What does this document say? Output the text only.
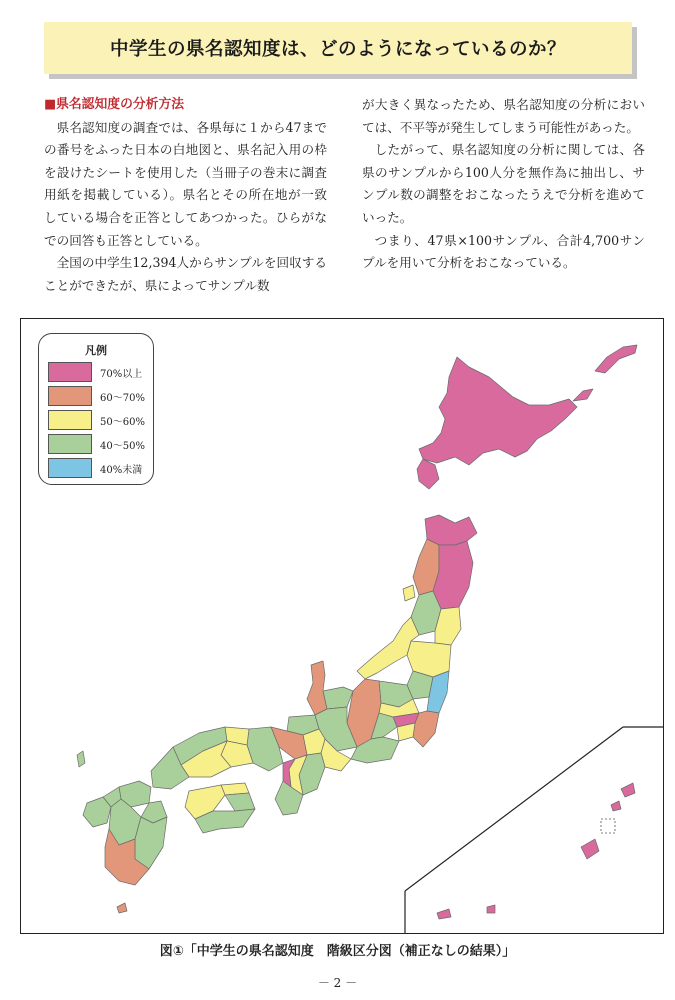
中学生の県名認知度は、どのようになっているのか？

■県名認知度の分析方法

県名認知度の調査では、各県毎に１から47までの番号をふった日本の白地図と、県名記入用の枠を設けたシートを使用した（当冊子の巻末に調査用紙を掲載している）。県名とその所在地が一致している場合を正答としてあつかった。ひらがなでの回答も正答としている。

全国の中学生12,394人からサンプルを回収することができたが、県によってサンプル数

が大きく異なったため、県名認知度の分析においては、不平等が発生してしまう可能性があった。

したがって、県名認知度の分析に関しては、各県のサンプルから100人分を無作為に抽出し、サンプル数の調整をおこなったうえで分析を進めていった。

つまり、47県×100サンプル、合計4,700サンプルを用いて分析をおこなっている。

凡例
70%以上
60～70%
50～60%
40～50%
40%未満
図①「中学生の県名認知度　階級区分図（補正なしの結果）」
－ 2 －
